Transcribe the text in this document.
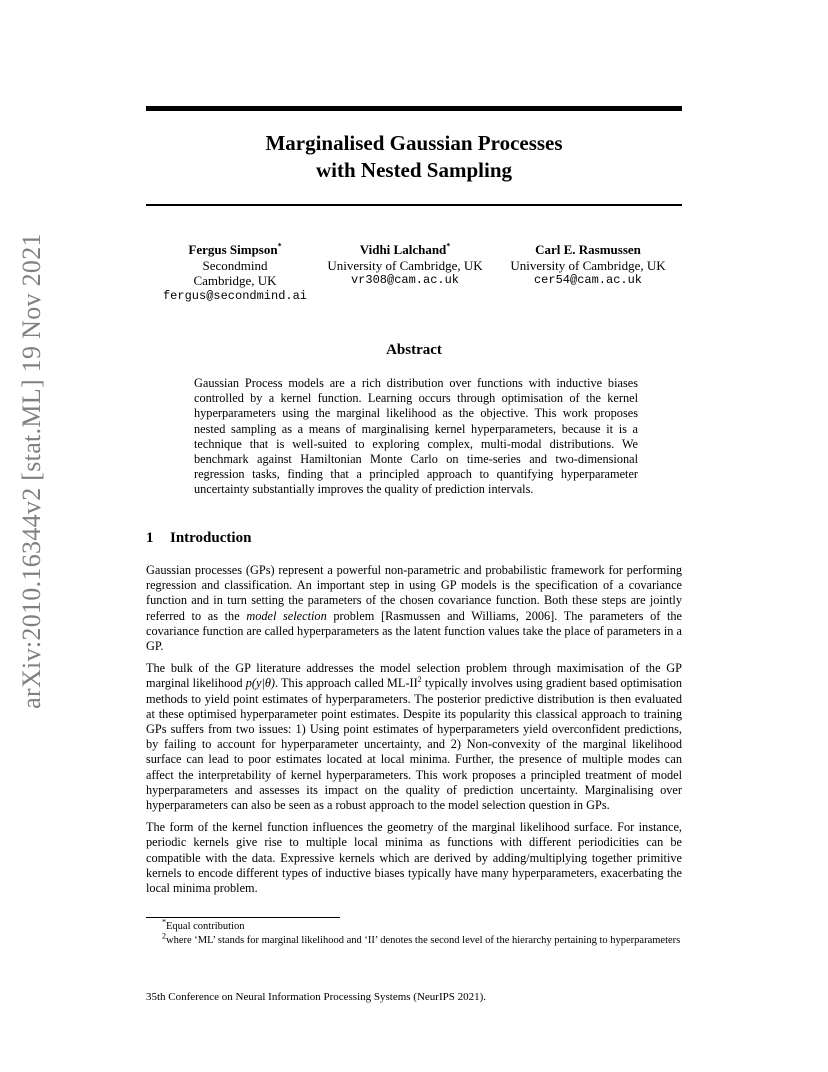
arXiv:2010.16344v2 [stat.ML] 19 Nov 2021
Marginalised Gaussian Processes
with Nested Sampling
Fergus Simpson*
Secondmind
Cambridge, UK
fergus@secondmind.ai
Vidhi Lalchand*
University of Cambridge, UK
vr308@cam.ac.uk
Carl E. Rasmussen
University of Cambridge, UK
cer54@cam.ac.uk
Abstract
Gaussian Process models are a rich distribution over functions with inductive biases controlled by a kernel function. Learning occurs through optimisation of the kernel hyperparameters using the marginal likelihood as the objective. This work proposes nested sampling as a means of marginalising kernel hyperparameters, because it is a technique that is well-suited to exploring complex, multi-modal distributions. We benchmark against Hamiltonian Monte Carlo on time-series and two-dimensional regression tasks, finding that a principled approach to quantifying hyperparameter uncertainty substantially improves the quality of prediction intervals.
1 Introduction

Gaussian processes (GPs) represent a powerful non-parametric and probabilistic framework for performing regression and classification. An important step in using GP models is the specification of a covariance function and in turn setting the parameters of the chosen covariance function. Both these steps are jointly referred to as the model selection problem [Rasmussen and Williams, 2006]. The parameters of the covariance function are called hyperparameters as the latent function values take the place of parameters in a GP.

The bulk of the GP literature addresses the model selection problem through maximisation of the GP marginal likelihood p(y|θ). This approach called $ML-II^2$ typically involves using gradient based optimisation methods to yield point estimates of hyperparameters. The posterior predictive distribution is then evaluated at these optimised hyperparameter point estimates. Despite its popularity this classical approach to training GPs suffers from two issues: 1) Using point estimates of hyperparameters yield overconfident predictions, by failing to account for hyperparameter uncertainty, and 2) Non-convexity of the marginal likelihood surface can lead to poor estimates located at local minima. Further, the presence of multiple modes can affect the interpretability of kernel hyperparameters. This work proposes a principled treatment of model hyperparameters and assesses its impact on the quality of prediction uncertainty. Marginalising over hyperparameters can also be seen as a robust approach to the model selection question in GPs.

The form of the kernel function influences the geometry of the marginal likelihood surface. For instance, periodic kernels give rise to multiple local minima as functions with different periodicities can be compatible with the data. Expressive kernels which are derived by adding/multiplying together primitive kernels to encode different types of inductive biases typically have many hyperparameters, exacerbating the local minima problem.

*Equal contribution

$^2$where ‘ML’ stands for marginal likelihood and ‘II’ denotes the second level of the hierarchy pertaining to hyperparameters

35th Conference on Neural Information Processing Systems (NeurIPS 2021).
